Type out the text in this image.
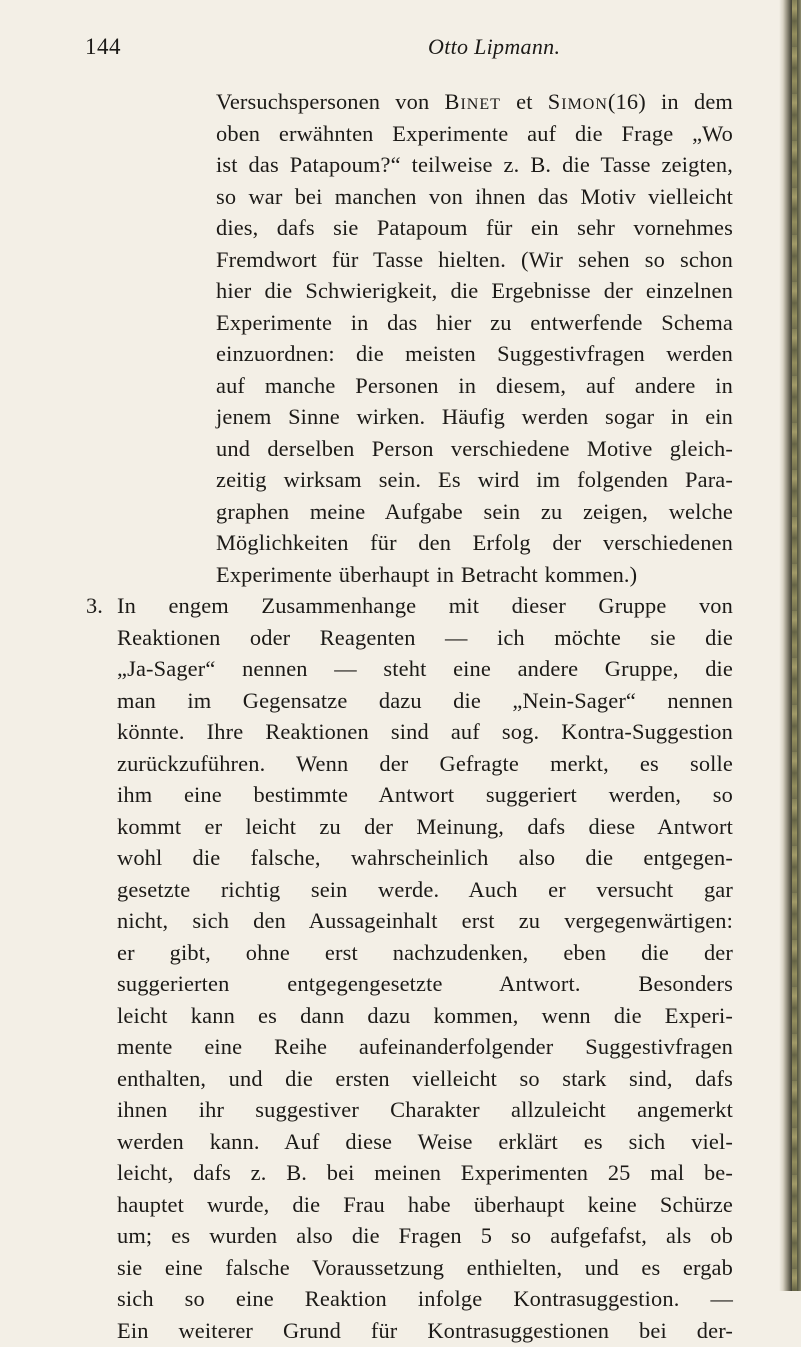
144	Otto Lipmann.
Versuchspersonen von Binet et Simon(16) in dem
oben erwähnten Experimente auf die Frage „Wo
ist das Patapoum?“ teilweise z. B. die Tasse zeigten,
so war bei manchen von ihnen das Motiv vielleicht
dies, dafs sie Patapoum für ein sehr vornehmes
Fremdwort für Tasse hielten. (Wir sehen so schon
hier die Schwierigkeit, die Ergebnisse der einzelnen
Experimente in das hier zu entwerfende Schema
einzuordnen: die meisten Suggestivfragen werden
auf manche Personen in diesem, auf andere in
jenem Sinne wirken. Häufig werden sogar in ein
und derselben Person verschiedene Motive gleich-
zeitig wirksam sein. Es wird im folgenden Para-
graphen meine Aufgabe sein zu zeigen, welche
Möglichkeiten für den Erfolg der verschiedenen
Experimente überhaupt in Betracht kommen.)
3. In engem Zusammenhange mit dieser Gruppe von
Reaktionen oder Reagenten — ich möchte sie die
„Ja-Sager“ nennen — steht eine andere Gruppe, die
man im Gegensatze dazu die „Nein-Sager“ nennen
könnte. Ihre Reaktionen sind auf sog. Kontra-Suggestion
zurückzuführen. Wenn der Gefragte merkt, es solle
ihm eine bestimmte Antwort suggeriert werden, so
kommt er leicht zu der Meinung, dafs diese Antwort
wohl die falsche, wahrscheinlich also die entgegen-
gesetzte richtig sein werde. Auch er versucht gar
nicht, sich den Aussageinhalt erst zu vergegenwärtigen:
er gibt, ohne erst nachzudenken, eben die der
suggerierten entgegengesetzte Antwort. Besonders
leicht kann es dann dazu kommen, wenn die Experi-
mente eine Reihe aufeinanderfolgender Suggestivfragen
enthalten, und die ersten vielleicht so stark sind, dafs
ihnen ihr suggestiver Charakter allzuleicht angemerkt
werden kann. Auf diese Weise erklärt es sich viel-
leicht, dafs z. B. bei meinen Experimenten 25 mal be-
hauptet wurde, die Frau habe überhaupt keine Schürze
um; es wurden also die Fragen 5 so aufgefafst, als ob
sie eine falsche Voraussetzung enthielten, und es ergab
sich so eine Reaktion infolge Kontrasuggestion. —
Ein weiterer Grund für Kontrasuggestionen bei der-
